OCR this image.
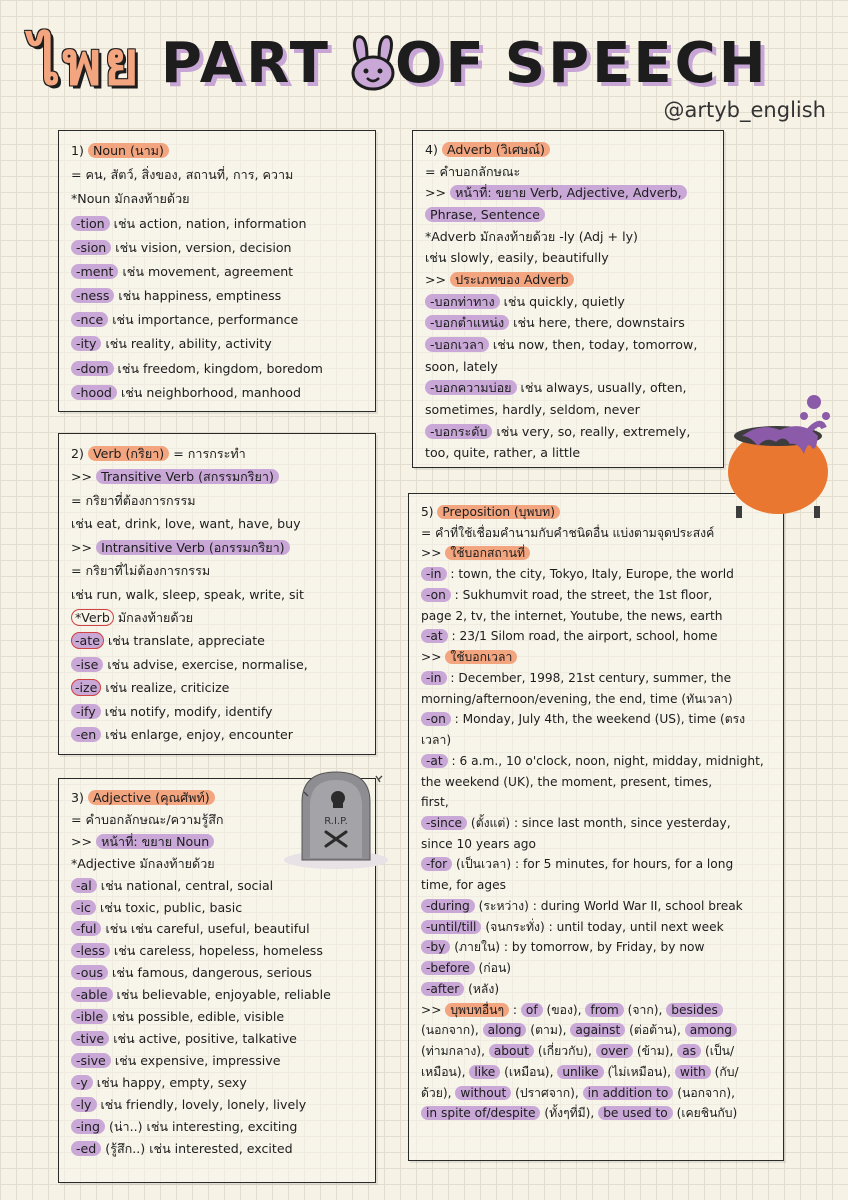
ไพย PART OF SPEECH
@artyb_english
1) Noun (นาม)
= คน, สัตว์, สิ่งของ, สถานที่, การ, ความ
*Noun มักลงท้ายด้วย
-tion เช่น action, nation, information
-sion เช่น vision, version, decision
-ment เช่น movement, agreement
-ness เช่น happiness, emptiness
-nce เช่น importance, performance
-ity เช่น reality, ability, activity
-dom เช่น freedom, kingdom, boredom
-hood เช่น neighborhood, manhood
2) Verb (กริยา) = การกระทำ
>> Transitive Verb (สกรรมกริยา)
= กริยาที่ต้องการกรรม
เช่น eat, drink, love, want, have, buy
>> Intransitive Verb (อกรรมกริยา)
= กริยาที่ไม่ต้องการกรรม
เช่น run, walk, sleep, speak, write, sit
*Verb มักลงท้ายด้วย
-ate เช่น translate, appreciate
-ise เช่น advise, exercise, normalise,
-ize เช่น realize, criticize
-ify เช่น notify, modify, identify
-en เช่น enlarge, enjoy, encounter
3) Adjective (คุณศัพท์)
= คำบอกลักษณะ/ความรู้สึก
>> หน้าที่: ขยาย Noun
*Adjective มักลงท้ายด้วย
-al เช่น national, central, social
-ic เช่น toxic, public, basic
-ful เช่น เช่น careful, useful, beautiful
-less เช่น careless, hopeless, homeless
-ous เช่น famous, dangerous, serious
-able เช่น believable, enjoyable, reliable
-ible เช่น possible, edible, visible
-tive เช่น active, positive, talkative
-sive เช่น expensive, impressive
-y เช่น happy, empty, sexy
-ly เช่น friendly, lovely, lonely, lively
-ing (น่า..) เช่น interesting, exciting
-ed (รู้สึก..) เช่น interested, excited
4) Adverb (วิเศษณ์)
= คำบอกลักษณะ
>> หน้าที่: ขยาย Verb, Adjective, Adverb,
Phrase, Sentence
*Adverb มักลงท้ายด้วย -ly (Adj + ly)
เช่น slowly, easily, beautifully
>> ประเภทของ Adverb
-บอกท่าทาง เช่น quickly, quietly
-บอกตำแหน่ง เช่น here, there, downstairs
-บอกเวลา เช่น now, then, today, tomorrow,
soon, lately
-บอกความบ่อย เช่น always, usually, often,
sometimes, hardly, seldom, never
-บอกระดับ เช่น very, so, really, extremely,
too, quite, rather, a little
5) Preposition (บุพบท)
= คำที่ใช้เชื่อมคำนามกับคำชนิดอื่น แบ่งตามจุดประสงค์
>> ใช้บอกสถานที่
-in : town, the city, Tokyo, Italy, Europe, the world
-on : Sukhumvit road, the street, the 1st floor,
page 2, tv, the internet, Youtube, the news, earth
-at : 23/1 Silom road, the airport, school, home
>> ใช้บอกเวลา
-in : December, 1998, 21st century, summer, the
morning/afternoon/evening, the end, time (ทันเวลา)
-on : Monday, July 4th, the weekend (US), time (ตรง
เวลา)
-at : 6 a.m., 10 o'clock, noon, night, midday, midnight,
the weekend (UK), the moment, present, times,
first,
-since (ตั้งแต่) : since last month, since yesterday,
since 10 years ago
-for (เป็นเวลา) : for 5 minutes, for hours, for a long
time, for ages
-during (ระหว่าง) : during World War II, school break
-until/till (จนกระทั่ง) : until today, until next week
-by (ภายใน) : by tomorrow, by Friday, by now
-before (ก่อน)
-after (หลัง)
>> บุพบทอื่นๆ : of (ของ), from (จาก), besides
(นอกจาก), along (ตาม), against (ต่อต้าน), among
(ท่ามกลาง), about (เกี่ยวกับ), over (ข้าม), as (เป็น/
เหมือน), like (เหมือน), unlike (ไม่เหมือน), with (กับ/
ด้วย), without (ปราศจาก), in addition to (นอกจาก),
in spite of/despite (ทั้งๆที่มี), be used to (เคยชินกับ)
R.I.P.
